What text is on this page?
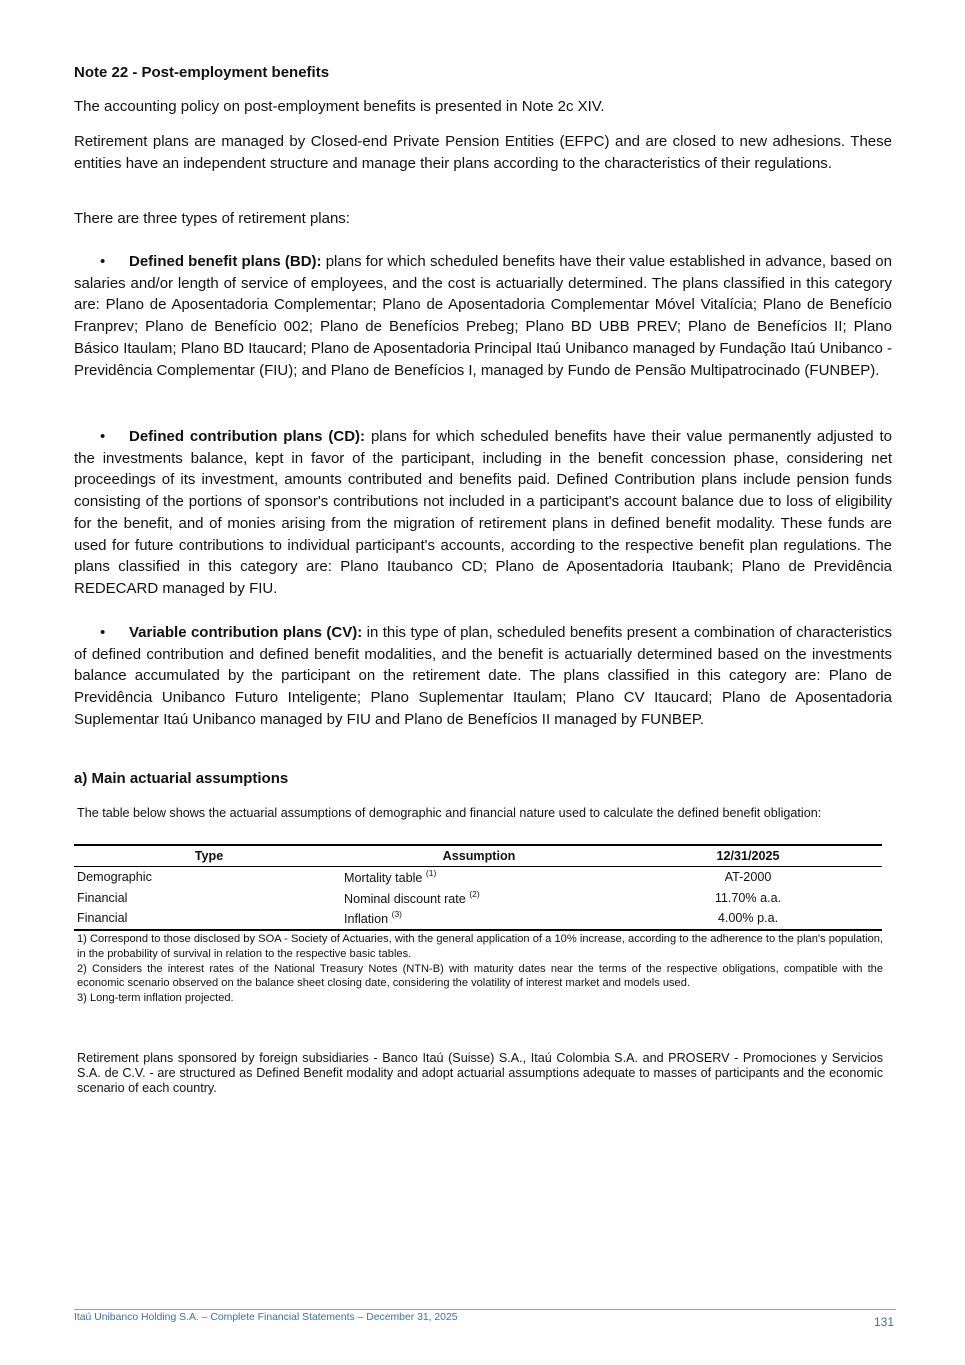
Note 22 - Post-employment benefits

The accounting policy on post-employment benefits is presented in Note 2c XIV.

Retirement plans are managed by Closed-end Private Pension Entities (EFPC) and are closed to new adhesions. These entities have an independent structure and manage their plans according to the characteristics of their regulations.

There are three types of retirement plans:

• Defined benefit plans (BD): plans for which scheduled benefits have their value established in advance, based on salaries and/or length of service of employees, and the cost is actuarially determined. The plans classified in this category are: Plano de Aposentadoria Complementar; Plano de Aposentadoria Complementar Móvel Vitalícia; Plano de Benefício Franprev; Plano de Benefício 002; Plano de Benefícios Prebeg; Plano BD UBB PREV; Plano de Benefícios II; Plano Básico Itaulam; Plano BD Itaucard; Plano de Aposentadoria Principal Itaú Unibanco managed by Fundação Itaú Unibanco - Previdência Complementar (FIU); and Plano de Benefícios I, managed by Fundo de Pensão Multipatrocinado (FUNBEP).

• Defined contribution plans (CD): plans for which scheduled benefits have their value permanently adjusted to the investments balance, kept in favor of the participant, including in the benefit concession phase, considering net proceedings of its investment, amounts contributed and benefits paid. Defined Contribution plans include pension funds consisting of the portions of sponsor's contributions not included in a participant's account balance due to loss of eligibility for the benefit, and of monies arising from the migration of retirement plans in defined benefit modality. These funds are used for future contributions to individual participant's accounts, according to the respective benefit plan regulations. The plans classified in this category are: Plano Itaubanco CD; Plano de Aposentadoria Itaubank; Plano de Previdência REDECARD managed by FIU.

• Variable contribution plans (CV): in this type of plan, scheduled benefits present a combination of characteristics of defined contribution and defined benefit modalities, and the benefit is actuarially determined based on the investments balance accumulated by the participant on the retirement date. The plans classified in this category are: Plano de Previdência Unibanco Futuro Inteligente; Plano Suplementar Itaulam; Plano CV Itaucard; Plano de Aposentadoria Suplementar Itaú Unibanco managed by FIU and Plano de Benefícios II managed by FUNBEP.

a) Main actuarial assumptions

The table below shows the actuarial assumptions of demographic and financial nature used to calculate the defined benefit obligation:

Type	Assumption	12/31/2025
Demographic	Mortality table $^{(1)}$	AT-2000
Financial	Nominal discount rate $^{(2)}$	11.70% a.a.
Financial	Inflation $^{(3)}$	4.00% p.a.
1) Correspond to those disclosed by SOA - Society of Actuaries, with the general application of a 10% increase, according to the adherence to the plan's population, in the probability of survival in relation to the respective basic tables.
2) Considers the interest rates of the National Treasury Notes (NTN-B) with maturity dates near the terms of the respective obligations, compatible with the economic scenario observed on the balance sheet closing date, considering the volatility of interest market and models used.
3) Long-term inflation projected.

Retirement plans sponsored by foreign subsidiaries - Banco Itaú (Suisse) S.A., Itaú Colombia S.A. and PROSERV - Promociones y Servicios S.A. de C.V. - are structured as Defined Benefit modality and adopt actuarial assumptions adequate to masses of participants and the economic scenario of each country.

Itaú Unibanco Holding S.A. – Complete Financial Statements – December 31, 2025	131
